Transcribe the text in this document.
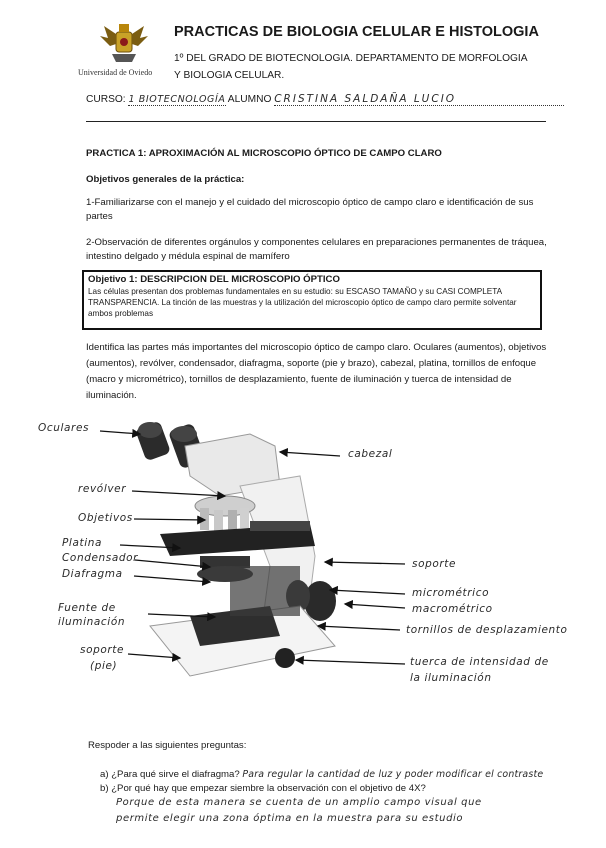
Universidad de Oviedo
PRACTICAS DE BIOLOGIA CELULAR E HISTOLOGIA
1º DEL GRADO DE BIOTECNOLOGIA. DEPARTAMENTO DE MORFOLOGIA Y BIOLOGIA CELULAR.
CURSO: 1 BIOTECNOLOGÍA ALUMNO CRISTINA SALDAÑA LUCIO
PRACTICA 1: APROXIMACIÓN AL MICROSCOPIO ÓPTICO DE CAMPO CLARO
Objetivos generales de la práctica:
1-Familiarizarse con el manejo y el cuidado del microscopio óptico de campo claro e identificación de sus partes
2-Observación de diferentes orgánulos y componentes celulares en preparaciones permanentes de tráquea, intestino delgado y médula espinal de mamífero
Objetivo 1: DESCRIPCION DEL MICROSCOPIO ÓPTICO
Las células presentan dos problemas fundamentales en su estudio: su ESCASO TAMAÑO y su CASI COMPLETA TRANSPARENCIA. La tinción de las muestras y la utilización del microscopio óptico de campo claro permite solventar ambos problemas
Identifica las partes más importantes del microscopio óptico de campo claro. Oculares (aumentos), objetivos (aumentos), revólver, condensador, diafragma, soporte (pie y brazo), cabezal, platina, tornillos de enfoque (macro y micrométrico), tornillos de desplazamiento, fuente de iluminación y tuerca de intensidad de iluminación.
Oculares
cabezal
revólver
Objetivos
Platina
Condensador
Diafragma
soporte
micrométrico
macrométrico
Fuente de
iluminación
tornillos de desplazamiento
soporte
(pie)	tuerca de intensidad de
la iluminación
Respoder a las siguientes preguntas:
a) ¿Para qué sirve el diafragma? Para regular la cantidad de luz y poder modificar el contraste
b) ¿Por qué hay que empezar siembre la observación con el objetivo de 4X?
Porque de esta manera se cuenta de un amplio campo visual que
permite elegir una zona óptima en la muestra para su estudio
